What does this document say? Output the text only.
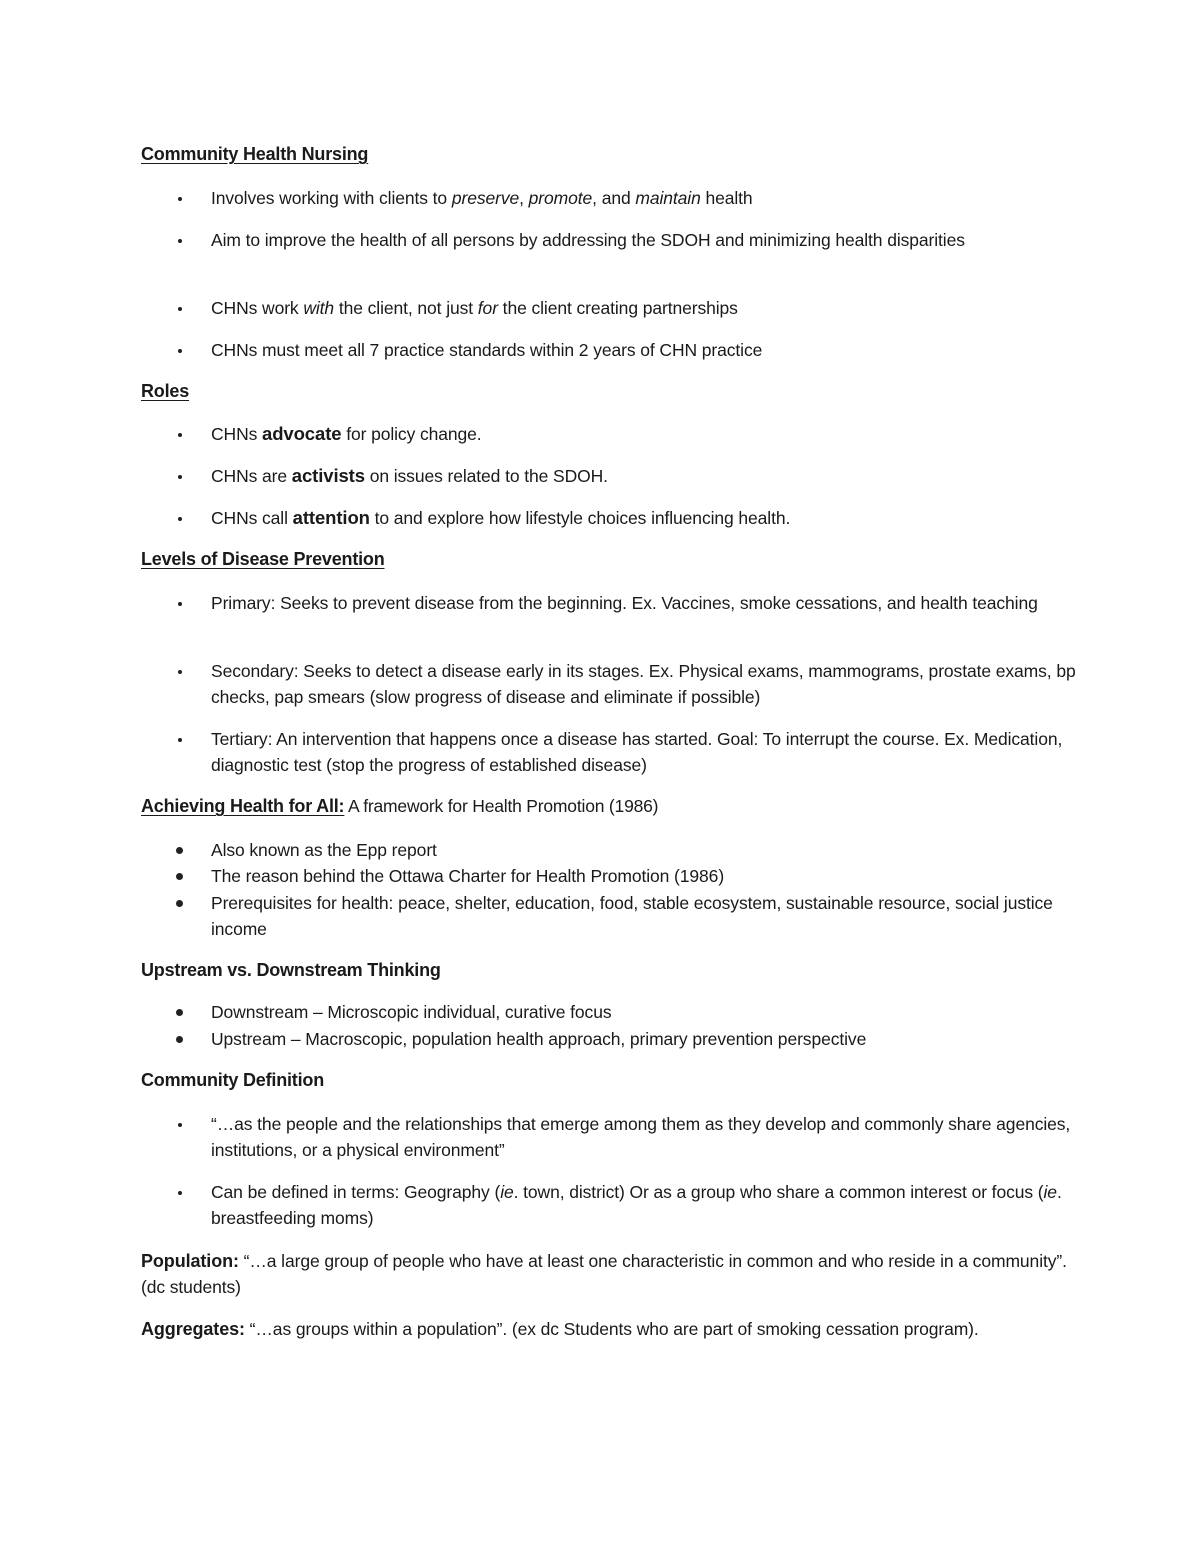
Community Health Nursing
Involves working with clients to preserve, promote, and maintain health
Aim to improve the health of all persons by addressing the SDOH and minimizing health disparities
CHNs work with the client, not just for the client creating partnerships
CHNs must meet all 7 practice standards within 2 years of CHN practice
Roles
CHNs advocate for policy change.
CHNs are activists on issues related to the SDOH.
CHNs call attention to and explore how lifestyle choices influencing health.
Levels of Disease Prevention
Primary: Seeks to prevent disease from the beginning. Ex. Vaccines, smoke cessations, and health teaching
Secondary: Seeks to detect a disease early in its stages. Ex. Physical exams, mammograms, prostate exams, bp checks, pap smears (slow progress of disease and eliminate if possible)
Tertiary: An intervention that happens once a disease has started. Goal: To interrupt the course. Ex. Medication, diagnostic test (stop the progress of established disease)
Achieving Health for All: A framework for Health Promotion (1986)
Also known as the Epp report
The reason behind the Ottawa Charter for Health Promotion (1986)
Prerequisites for health: peace, shelter, education, food, stable ecosystem, sustainable resource, social justice income
Upstream vs. Downstream Thinking
Downstream – Microscopic individual, curative focus
Upstream – Macroscopic, population health approach, primary prevention perspective
Community Definition
“…as the people and the relationships that emerge among them as they develop and commonly share agencies, institutions, or a physical environment”
Can be defined in terms: Geography (ie. town, district) Or as a group who share a common interest or focus (ie. breastfeeding moms)
Population: “…a large group of people who have at least one characteristic in common and who reside in a community”. (dc students)
Aggregates: “…as groups within a population”. (ex dc Students who are part of smoking cessation program).
